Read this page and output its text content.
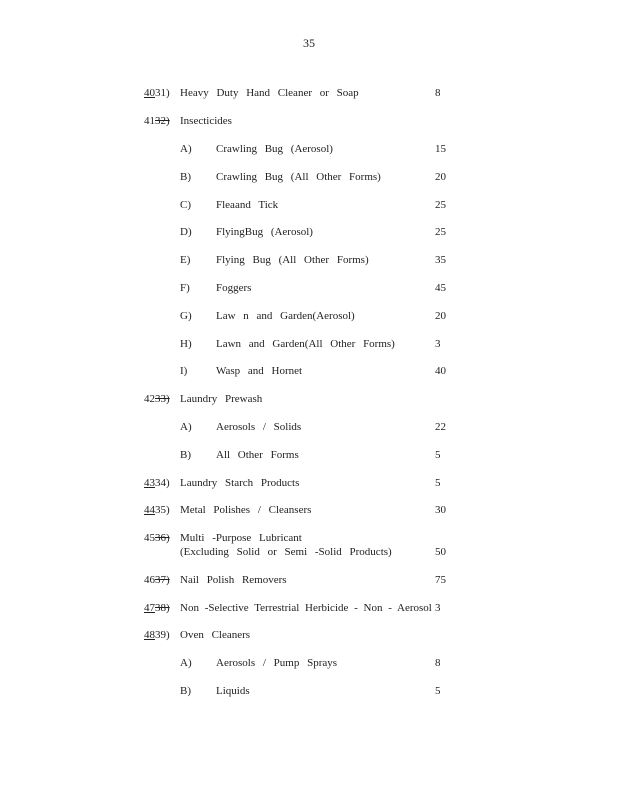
35
4031) Heavy Duty Hand Cleaner or Soap	8
4132) Insecticides
A) Crawling Bug (Aerosol)	15
B) Crawling Bug (All Other Forms)	20
C) Fleaand Tick	25
D) FlyingBug (Aerosol)	25
E) Flying Bug (All Other Forms)	35
F) Foggers	45
G) Law n and Garden(Aerosol)	20
H) Lawn and Garden(All Other Forms)	3
I)	Wasp and Hornet	40
4233) Laundry Prewash
A) Aerosols / Solids	22
B) All Other Forms	5
4334) Laundry Starch Products	5
4435) Metal Polishes / Cleansers	30
4536) Multi -Purpose Lubricant
(Excluding Solid or Semi -Solid Products)	50
4637) Nail Polish Removers	75
4738) Non -Selective Terrestrial Herbicide - Non - Aerosol 3
4839) Oven Cleaners
A) Aerosols / Pump Sprays	8
B) Liquids	5
